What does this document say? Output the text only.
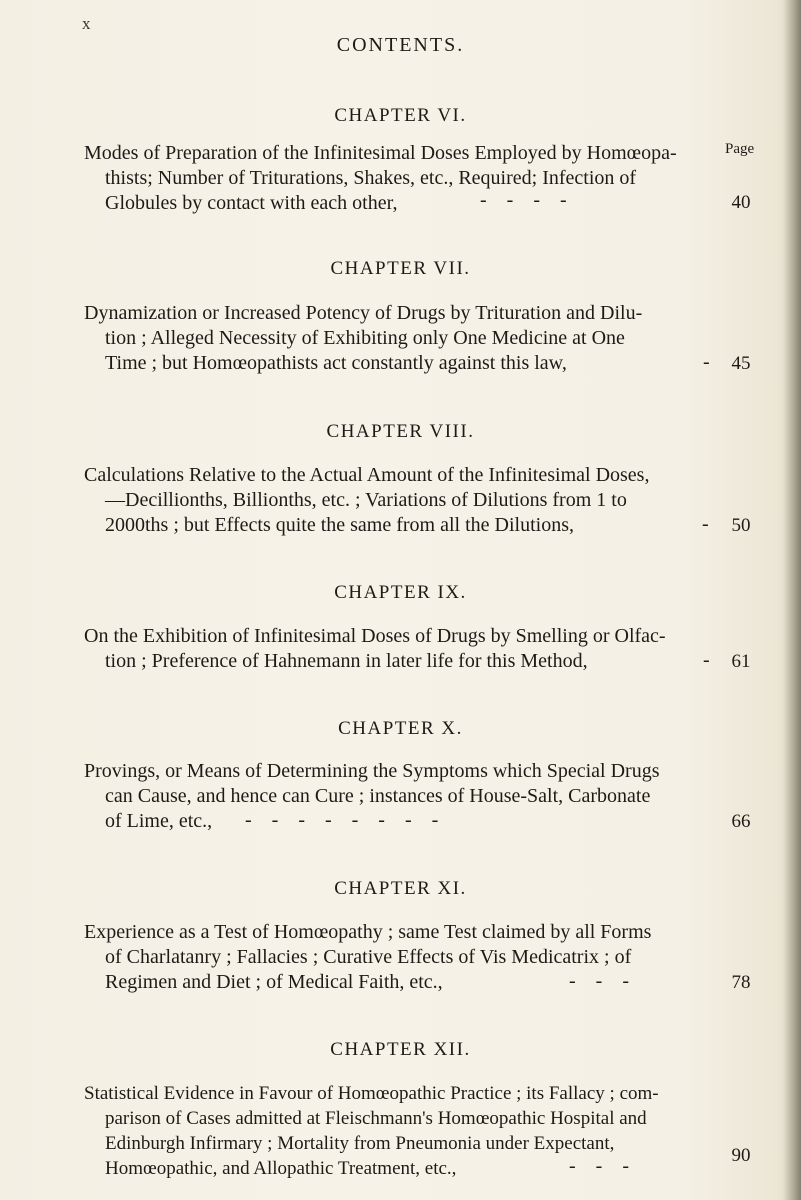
x
CONTENTS.
Page
CHAPTER VI.
Modes of Preparation of the Infinitesimal Doses Employed by Homœopa-
thists; Number of Triturations, Shakes, etc., Required; Infection of
Globules by contact with each other,	-    -    -    -	40
CHAPTER VII.
Dynamization or Increased Potency of Drugs by Trituration and Dilu-
tion ; Alleged Necessity of Exhibiting only One Medicine at One
Time ; but Homœopathists act constantly against this law,	-	45
CHAPTER VIII.
Calculations Relative to the Actual Amount of the Infinitesimal Doses,
—Decillionths, Billionths, etc. ; Variations of Dilutions from 1 to
2000ths ; but Effects quite the same from all the Dilutions,	-	50
CHAPTER IX.
On the Exhibition of Infinitesimal Doses of Drugs by Smelling or Olfac-
tion ; Preference of Hahnemann in later life for this Method,	-	61
CHAPTER X.
Provings, or Means of Determining the Symptoms which Special Drugs
can Cause, and hence can Cure ; instances of House-Salt, Carbonate
of Lime, etc.,	-    -    -    -    -    -    -    -	66
CHAPTER XI.
Experience as a Test of Homœopathy ; same Test claimed by all Forms
of Charlatanry ; Fallacies ; Curative Effects of Vis Medicatrix ; of
Regimen and Diet ; of Medical Faith, etc.,	-    -    -	78
CHAPTER XII.
Statistical Evidence in Favour of Homœopathic Practice ; its Fallacy ; com-
parison of Cases admitted at Fleischmann's Homœopathic Hospital and
Edinburgh Infirmary ; Mortality from Pneumonia under Expectant,
Homœopathic, and Allopathic Treatment, etc.,	-    -    -	90
